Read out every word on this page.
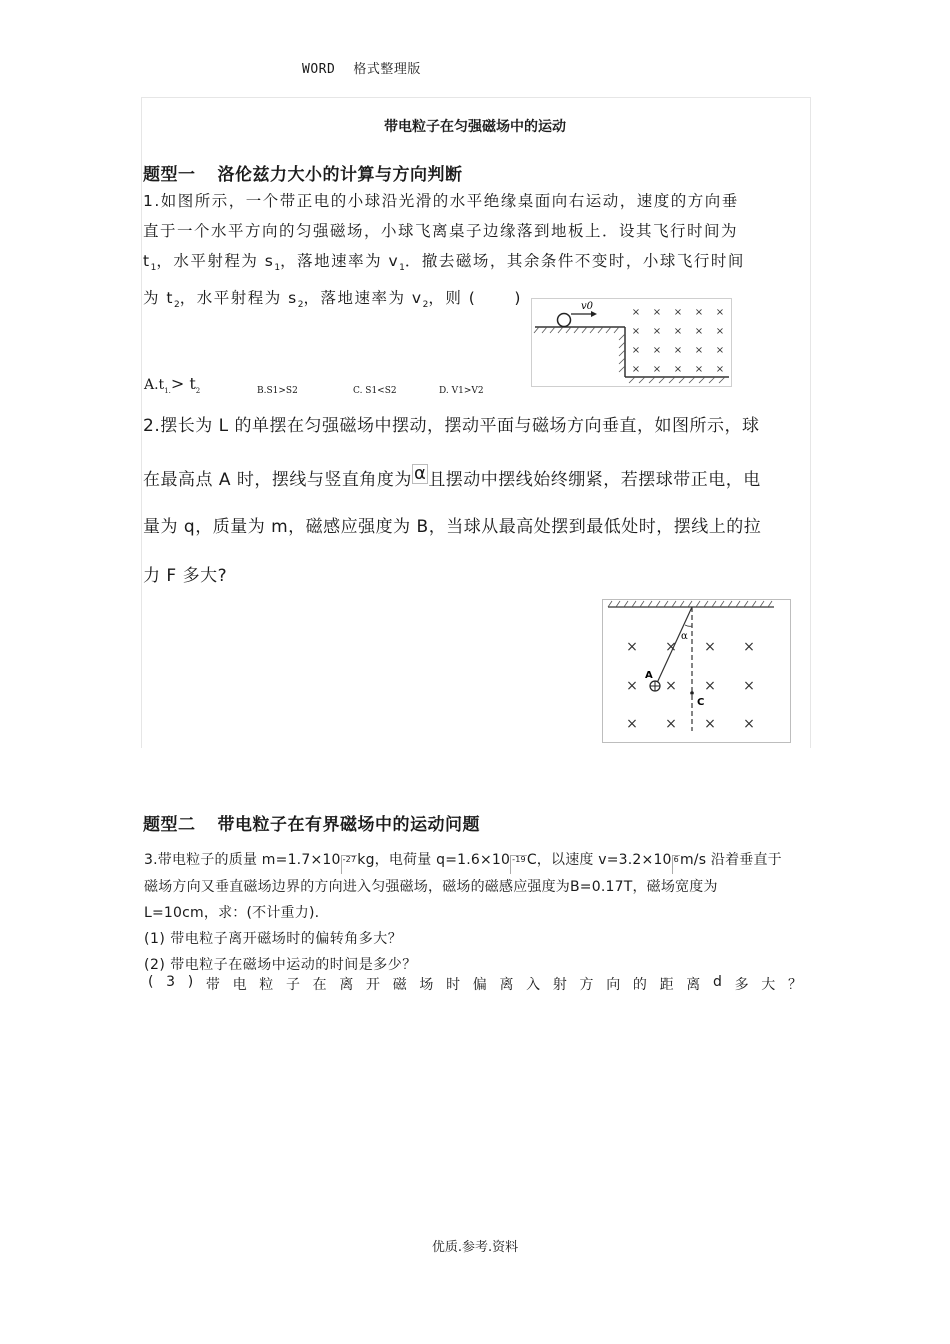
WORD 格式整理版
带电粒子在匀强磁场中的运动
题型一 洛伦兹力大小的计算与方向判断
1.如图所示，一个带正电的小球沿光滑的水平绝缘桌面向右运动，速度的方向垂
直于一个水平方向的匀强磁场，小球飞离桌子边缘落到地板上．设其飞行时间为
$t_1$，水平射程为 $s_1$，落地速率为 $v_1$．撤去磁场，其余条件不变时，小球飞行时间
为 $t_2$，水平射程为 $s_2$，落地速率为 $v_2$，则 ( )	v0
× × × × ×
× × × × ×
× × × × ×
× × × × ×
$A.t_{1.}> t_2$	B.S1>S2	C. S1<S2	D. V1>V2
2.摆长为 L 的单摆在匀强磁场中摆动，摆动平面与磁场方向垂直，如图所示，球
在最高点 A 时，摆线与竖直角度为 α 且摆动中摆线始终绷紧，若摆球带正电，电
量为 q，质量为 m，磁感应强度为 B，当球从最高处摆到最低处时，摆线上的拉
力 F 多大?
α
A
C
× × × ×
× × × ×
× × × ×
题型二 带电粒子在有界磁场中的运动问题
3.带电粒子的质量 m=1.7×10 -27kg，电荷量 q=1.6×10 -19C，以速度 v=3.2×10 6m/s 沿着垂直于
磁场方向又垂直磁场边界的方向进入匀强磁场，磁场的磁感应强度为B=0.17T，磁场宽度为
L=10cm，求：(不计重力).
(1) 带电粒子离开磁场时的偏转角多大？
(2) 带电粒子在磁场中运动的时间是多少？
( 3 ) 带 电 粒 子 在 离 开 磁 场 时 偏 离 入 射 方 向 的 距 离 d 多 大 ？
优质.参考.资料
